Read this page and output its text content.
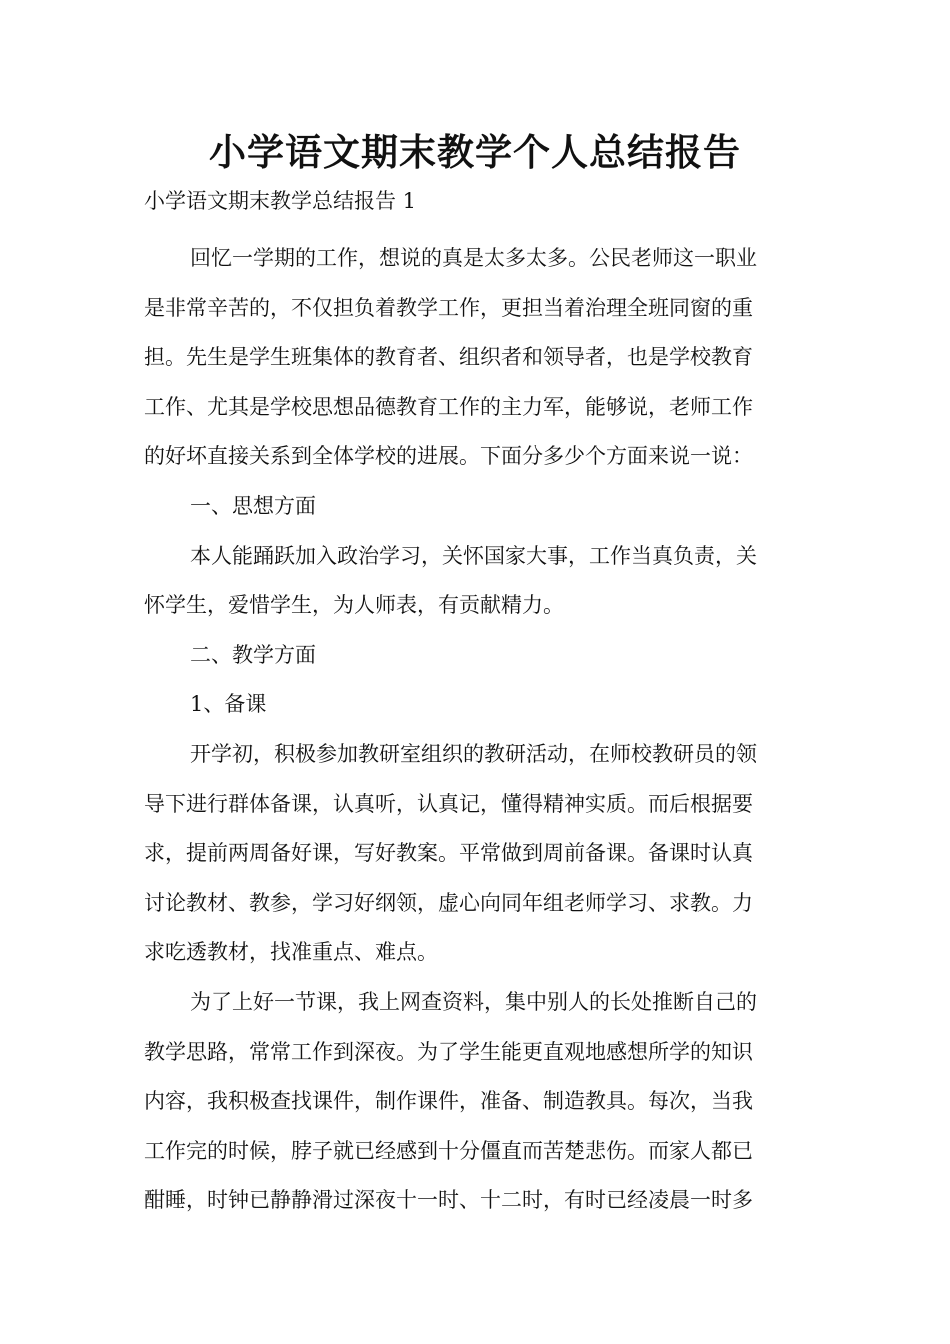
小学语文期末教学个人总结报告
小学语文期末教学总结报告 1
回忆一学期的工作，想说的真是太多太多。公民老师这一职业
是非常辛苦的，不仅担负着教学工作，更担当着治理全班同窗的重
担。先生是学生班集体的教育者、组织者和领导者，也是学校教育
工作、尤其是学校思想品德教育工作的主力军，能够说，老师工作
的好坏直接关系到全体学校的进展。下面分多少个方面来说一说：
一、思想方面
本人能踊跃加入政治学习，关怀国家大事，工作当真负责，关
怀学生，爱惜学生，为人师表，有贡献精力。
二、教学方面
1、备课
开学初，积极参加教研室组织的教研活动，在师校教研员的领
导下进行群体备课，认真听，认真记，懂得精神实质。而后根据要
求，提前两周备好课，写好教案。平常做到周前备课。备课时认真
讨论教材、教参，学习好纲领，虚心向同年组老师学习、求教。力
求吃透教材，找准重点、难点。
为了上好一节课，我上网查资料，集中别人的长处推断自己的
教学思路，常常工作到深夜。为了学生能更直观地感想所学的知识
内容，我积极查找课件，制作课件，准备、制造教具。每次，当我
工作完的时候，脖子就已经感到十分僵直而苦楚悲伤。而家人都已
酣睡，时钟已静静滑过深夜十一时、十二时，有时已经凌晨一时多
